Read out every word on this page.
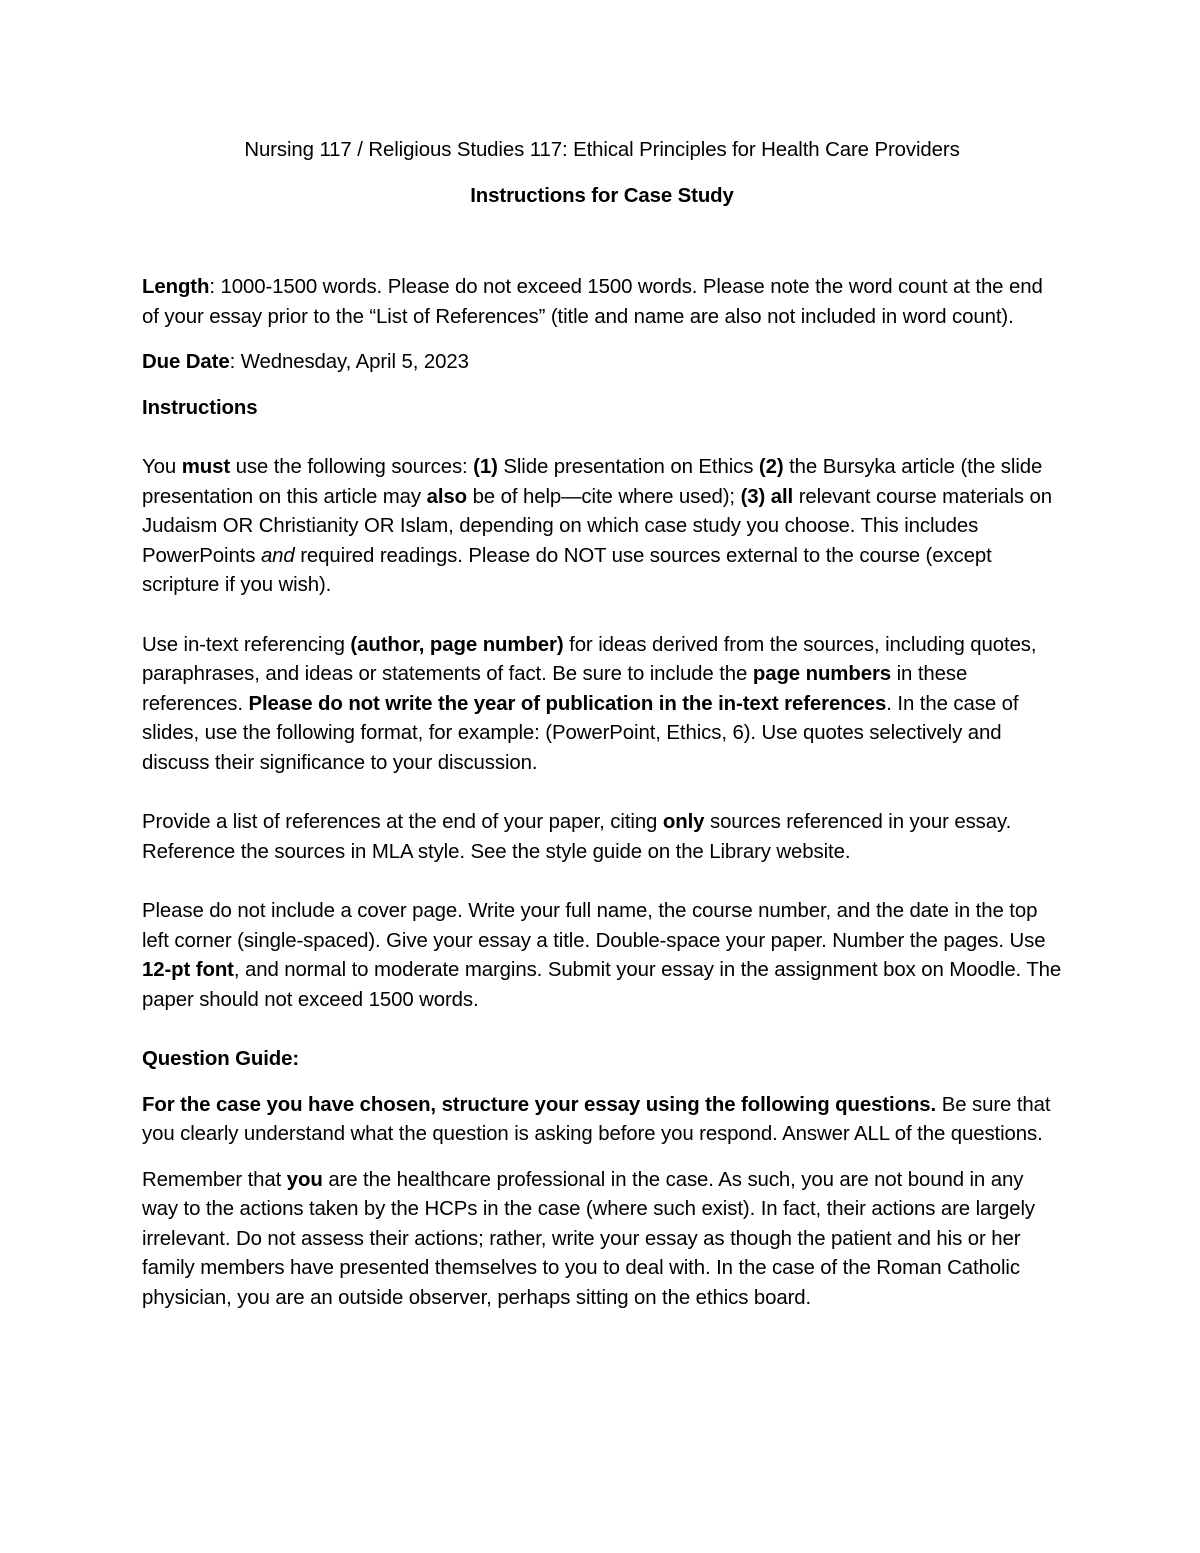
Nursing 117 / Religious Studies 117: Ethical Principles for Health Care Providers

Instructions for Case Study

Length: 1000-1500 words. Please do not exceed 1500 words. Please note the word count at the end of your essay prior to the “List of References” (title and name are also not included in word count).

Due Date: Wednesday, April 5, 2023

Instructions

You must use the following sources: (1) Slide presentation on Ethics (2) the Bursyka article (the slide presentation on this article may also be of help—cite where used); (3) all relevant course materials on Judaism OR Christianity OR Islam, depending on which case study you choose. This includes PowerPoints and required readings. Please do NOT use sources external to the course (except scripture if you wish).

Use in-text referencing (author, page number) for ideas derived from the sources, including quotes, paraphrases, and ideas or statements of fact. Be sure to include the page numbers in these references. Please do not write the year of publication in the in-text references. In the case of slides, use the following format, for example: (PowerPoint, Ethics, 6). Use quotes selectively and discuss their significance to your discussion.

Provide a list of references at the end of your paper, citing only sources referenced in your essay. Reference the sources in MLA style. See the style guide on the Library website.

Please do not include a cover page. Write your full name, the course number, and the date in the top left corner (single-spaced). Give your essay a title. Double-space your paper. Number the pages. Use 12-pt font, and normal to moderate margins. Submit your essay in the assignment box on Moodle. The paper should not exceed 1500 words.

Question Guide:

For the case you have chosen, structure your essay using the following questions. Be sure that you clearly understand what the question is asking before you respond. Answer ALL of the questions.

Remember that you are the healthcare professional in the case. As such, you are not bound in any way to the actions taken by the HCPs in the case (where such exist). In fact, their actions are largely irrelevant. Do not assess their actions; rather, write your essay as though the patient and his or her family members have presented themselves to you to deal with. In the case of the Roman Catholic physician, you are an outside observer, perhaps sitting on the ethics board.
